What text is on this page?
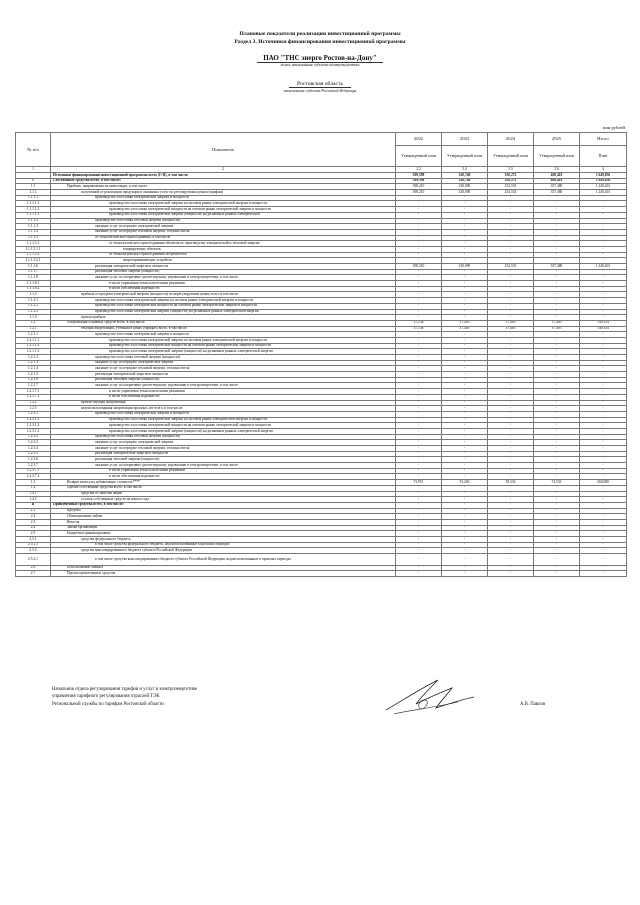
Плановые показатели реализации инвестиционной программы
Раздел 3. Источники финансирования инвестиционной программы
ПАО "ТНС энерго Ростов-на-Дону"
полное наименование субъекта электроэнергетики
Ростовская область
наименование субъекта Российской Федерации
млн рублей
№ п/п	Показатель	2022	2023	2024	2025	Итого
		Утвержденный план	Утвержденный план	Утвержденный план	Утвержденный план	План
1	2	2.2	3.4	3.5	2.6	4
	Источники финансирования инвестиционной программы всего (I+II), в том числе:	509,598	320,740	350,272	469,418	1 649,856
I	Собственные средства всего, в том числе:	509,598	320,740	350,272	469,418	1 649,856
1.1	Прибыль, направляемая на инвестиции, в том числе:	398,210	230,090	254,533	357,480	1 240,401
1.1.1	полученной от реализации продукции и оказанных услуг по регулируемым ценам (тарифам)	398,210	230,090	254,533	357,480	1 240,401
1.1.1.1	производство и поставка электрической энергии и мощности	-	-	-	-	-
1.1.1.1.1	производство и поставка электрической энергии на оптовом рынке электрической энергии и мощности	-	-	-	-	-
1.1.1.1.2	производство и поставка электрической мощности на оптовом рынке электрической энергии и мощности	-	-	-	-	-
1.1.1.1.3	производство и поставка электрической энергии (мощности) на розничных рынках электрической	-	-	-	-	-
1.1.1.2	производство и поставка тепловой энергии (мощности)	-	-	-	-	-
1.1.1.3	оказание услуг по передаче электрической энергии	-	-	-	-	-
1.1.1.4	оказание услуг по передаче тепловой энергии, теплоносителя	-	-	-	-	-
1.1.1.5	от технологического присоединения, в том числе	-	-	-	-	-
1.1.1.5.1	от технологического присоединения объектов по производству электрической и тепловой энергии	-	-	-	-	-
1.1.1.5.1.1	генерирующих объектов	-	-	-	-	-
1.1.1.5.2	от технологического присоединения потребителей	-	-	-	-	-
1.1.1.5.2.1	энергопринимающих устройств	-	-	-	-	-
1.1.1.6	реализация электрической энергии и мощности	398,210	230,090	254,533	357,480	1 240,401
1.1.1.7	реализация тепловой энергии (мощности)	-	-	-	-	-
1.1.1.8	оказание услуг по оперативно-диспетчерскому управлению в электроэнергетике, в том числе:	-	-	-	-	-
1.1.1.8.1	в части управления технологическими режимами	-	-	-	-	-
1.1.1.8.2	в части обеспечения надежности	-	-	-	-	-
1.1.2	прибыль от продажи электрической энергии (мощности) по нерегулируемым ценам, всего в том числе:	-	-	-	-	-
1.1.2.1	производство и поставка электрической энергии на оптовом рынке электрической энергии и мощности	-	-	-	-	-
1.1.2.2	производство и поставка электрической мощности на оптовом рынке электрической энергии и мощности	-	-	-	-	-
1.1.2.3	производство и поставка электрической энергии (мощности) на розничных рынках электрической энергии	-	-	-	-	-
1.1.3	прочая прибыль	-	-	-	-	-
1.2	Амортизация основных средств всего, в том числе:	37,138	37,405	37,405	37,405	149,354
1.2.1	текущая амортизация, учтенная в ценах (тарифах) всего, в том числе:	37,138	37,405	37,405	37,405	149,354
1.2.1.1	производство и поставка электрической энергии и мощности	-	-	-	-	-
1.2.1.1.1	производство и поставка электрической энергии на оптовом рынке электрической энергии и мощности	-	-	-	-	-
1.2.1.1.2	производство и поставка электрической мощности на оптовом рынке электрической энергии и мощности	-	-	-	-	-
1.2.1.1.3	производство и поставка электрической энергии (мощности) на розничных рынках электрической энергии	-	-	-	-	-
1.2.1.2	производство и поставка тепловой энергии (мощности)	-	-	-	-	-
1.2.1.3	оказание услуг по передаче электрической энергии	-	-	-	-	-
1.2.1.4	оказание услуг по передаче тепловой энергии, теплоносителя	-	-	-	-	-
1.2.1.5	реализация электрической энергии и мощности	-	-	-	-	-
1.2.1.6	реализация тепловой энергии (мощности)	-	-	-	-	-
1.2.1.7	оказание услуг по оперативно-диспетчерскому управлению в электроэнергетике, в том числе:	-	-	-	-	-
1.2.1.7.1	в части управления технологическими режимами	-	-	-	-	-
1.2.1.7.2	в части обеспечения надежности	-	-	-	-	-
1.2.2	прочая текущая амортизация	-	-	-	-	-
1.2.3	недоиспользованная амортизация прошлых лет всего, в том числе:	-	-	-	-	-
1.2.3.1	производство и поставка электрической энергии и мощности	-	-	-	-	-
1.2.3.1.1	производство и поставка электрической энергии на оптовом рынке электрической энергии и мощности	-	-	-	-	-
1.2.3.1.2	производство и поставка электрической мощности на оптовом рынке электрической энергии и мощности	-	-	-	-	-
1.2.3.1.3	производство и поставка электрической энергии (мощности) на розничных рынках электрической энергии	-	-	-	-	-
1.2.3.2	производство и поставка тепловой энергии (мощности)	-	-	-	-	-
1.2.3.3	оказание услуг по передаче электрической энергии	-	-	-	-	-
1.2.3.4	оказание услуг по передаче тепловой энергии, теплоносителя	-	-	-	-	-
1.2.3.5	реализация электрической энергии и мощности	-	-	-	-	-
1.2.3.6	реализация тепловой энергии (мощности)	-	-	-	-	-
1.2.3.7	оказание услуг по оперативно-диспетчерскому управлению в электроэнергетике, в том числе:	-	-	-	-	-
1.2.3.7.1	в части управления технологическими режимами	-	-	-	-	-
1.2.3.7.2	в части обеспечения надежности	-	-	-	-	-
1.3	Возврат налога на добавленную стоимость****	73,951	53,263	58,334	74,533	260,080
1.4	Прочие собственные средства всего, в том числе:	-	-	-	-	-
1.4.1	средства от эмиссии акций	-	-	-	-	-
1.4.2	остаток собственных средств на начало года	-	-	-	-	-
II	Привлеченные средства всего, в том числе:	-	-	-	-	-
2.1	Кредиты	-	-	-	-	-
2.2	Облигационные займы	-	-	-	-	-
2.3	Векселя	-	-	-	-	-
2.4	Займы организаций	-	-	-	-	-
2.5	Бюджетное финансирование	-	-	-	-	-
2.5.1	средства федерального бюджета	-	-	-	-	-
2.5.1.1	в том числе средства федерального бюджета, недоиспользованные в прошлых периодах	-	-	-	-	-
2.5.2	средства консолидированного бюджета субъекта Российской Федерации	-	-	-	-	-
2.5.2.1	в том числе средства консолидированного бюджета субъекта Российской Федерации, недоиспользованные в прошлых периодах	-	-	-	-	-
2.6	Использование лизинга	-	-	-	-	-
2.7	Прочие привлеченные средства	-	-	-	-	-
Начальник отдела регулирования тарифов и услуг в электроэнергетике
управления тарифного регулирования отраслей ТЭК
Региональной службы по тарифам Ростовской области	А.В. Павлов
